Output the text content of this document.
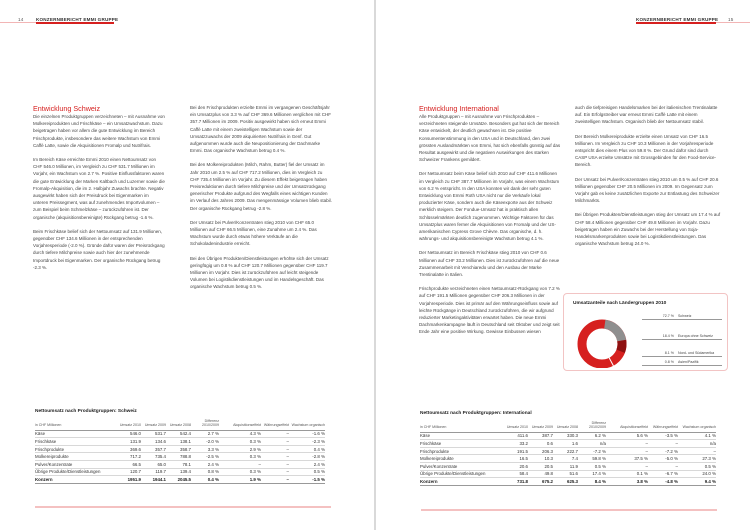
14	KONZERNBERICHT EMMI GRUPPE
Entwicklung Schweiz

Die einzelnen Produktgruppen verzeichneten – mit Ausnahme von Molkereiprodukten und Frischkäse – ein Umsatzwachstum. Dazu beigetragen haben vor allem die gute Entwicklung im Bereich Frischprodukte, insbesondere das weitere Wachstum von Emmi Caffè Latte, sowie die Akquisitionen Fromalp und Nutrifrais.

Im Bereich Käse erreichte Emmi 2010 einen Nettoumsatz von CHF 546.0 Millionen, im Vergleich zu CHF 531.7 Millionen im Vorjahr, ein Wachstum von 2.7 %. Positive Einflussfaktoren waren die gute Entwicklung der Marken Kaltbach und Luzerner sowie die Fromalp-Akquisition, die im 2. Halbjahr Zuwachs brachte. Negativ ausgewirkt haben sich der Preisdruck bei Eigenmarken im unteren Preissegment, was auf zunehmendes Importvolumen – zum Beispiel beim Schmelzkäse – zurückzuführen ist. Der organische (akquisitionsbereinigte) Rückgang betrug -1.6 %.

Beim Frischkäse belief sich der Nettoumsatz auf 131.9 Millionen, gegenüber CHF 134.6 Millionen in der entsprechenden Vorjahresperiode (-2.0 %). Gründe dafür waren der Preisrückgang durch tiefere Milchpreise sowie auch hier der zunehmende Importdruck bei Eigenmarken. Der organische Rückgang betrug -2.3 %.

Bei den Frischprodukten erzielte Emmi im vergangenen Geschäftsjahr ein Umsatzplus von 3.3 % auf CHF 369.6 Millionen verglichen mit CHF 357.7 Millionen im 2009. Positiv ausgewirkt haben sich erneut Emmi Caffè Latte mit einem zweistelligen Wachstum sowie der Umsatzzuwachs der 2009 akquirierten Nutrifrais in Genf. Gut aufgenommen wurde auch die Neupositionierung der Dachmarke Emmi. Das organische Wachstum betrug 0.4 %.

Bei den Molkereiprodukten (Milch, Rahm, Butter) fiel der Umsatz im Jahr 2010 um 2.5 % auf CHF 717.2 Millionen, dies im Vergleich zu CHF 735.4 Millionen im Vorjahr. Zu diesem Effekt beigetragen haben Preisreduktionen durch tiefere Milchpreise und der Umsatzrückgang generischer Produkte aufgrund des Wegfalls eines wichtigen Kunden im Verlauf des Jahres 2009. Das mengenmässige Volumen blieb stabil. Der organische Rückgang betrug -2.8 %.

Der Umsatz bei Pulver/Konzentraten stieg 2010 von CHF 65.0 Millionen auf CHF 66.5 Millionen, eine Zunahme um 2.4 %. Das Wachstum wurde durch etwas höhere Verkäufe an die Schokoladenindustrie erreicht.

Bei den Übrigen Produkten/Dienstleistungen erhöhte sich der Umsatz geringfügig um 0.8 % auf CHF 120.7 Millionen gegenüber CHF 119.7 Millionen im Vorjahr. Dies ist zurückzuführen auf leicht steigende Volumen bei Logistikdienstleistungen und im Handelsgeschäft. Das organische Wachstum betrug 0.5 %.

Nettoumsatz nach Produktgruppen: Schweiz
in CHF Millionen	Umsatz 2010	Umsatz 2009	Umsatz 2008	Differenz 2010/2009	Akquisitionseffekt	Währungseffekt	Wachstum organisch
Käse	546.0	531.7	542.4	2.7 %	4.3 %	–	-1.6 %
Frischkäse	131.9	134.6	138.1	-2.0 %	0.3 %	–	-2.3 %
Frischprodukte	369.6	357.7	358.7	3.3 %	2.9 %	–	0.4 %
Molkereiprodukte	717.2	735.4	788.8	-2.5 %	0.3 %	–	-2.8 %
Pulver/Konzentrate	66.5	65.0	78.1	2.4 %	–	–	2.4 %
Übrige Produkte/Dienstleistungen	120.7	119.7	139.4	0.8 %	0.3 %	–	0.5 %
Konzern	1951.9	1944.1	2045.5	0.4 %	1.9 %	–	-1.5 %
KONZERNBERICHT EMMI GRUPPE 15
Entwicklung International

Alle Produktgruppen – mit Ausnahme von Frischprodukten – verzeichneten steigende Umsätze. Besonders gut hat sich der Bereich Käse entwickelt, der deutlich gewachsen ist. Die positive Konsumentenstimmung in den USA und in Deutschland, den zwei grössten Auslandmärkten von Emmi, hat sich ebenfalls günstig auf das Resultat ausgewirkt und die negativen Auswirkungen des starken Schweizer Frankens gemildert.

Der Nettoumsatz beim Käse belief sich 2010 auf CHF 411.6 Millionen im Vergleich zu CHF 387.7 Millionen im Vorjahr, was einem Wachstum von 6.2 % entspricht. In den USA konnten wir dank der sehr guten Entwicklung von Emmi Roth USA nicht nur die Verkäufe lokal produzierter Käse, sondern auch die Käseexporte aus der Schweiz merklich steigern. Der Fondue-Umsatz hat in praktisch allen Schlüsselmärkten deutlich zugenommen. Wichtige Faktoren für das Umsatzplus waren ferner die Akquisitionen von Fromalp und der US-amerikanischen Cypress Grove Chèvre. Das organische, d. h. währungs- und akquisitionsbereinigte Wachstum betrug 4.1 %.

Der Nettoumsatz im Bereich Frischkäse stieg 2010 von CHF 0.6 Millionen auf CHF 33.2 Millionen. Dies ist zurückzuführen auf die neue Zusammenarbeit mit Venchiaredo und den Ausbau der Marke Trentinalatte in Italien.

Frischprodukte verzeichneten einen Nettoumsatz-Rückgang von 7.2 % auf CHF 191.5 Millionen gegenüber CHF 206.3 Millionen in der Vorjahresperiode. Dies ist primär auf den Währungseinfluss sowie auf leichte Rückgänge in Deutschland zurückzuführen, die wir aufgrund reduzierter Marketingaktivitäten erwartet haben. Die neue Emmi Dachmarkenkampagne läuft in Deutschland seit Oktober und zeigt seit Ende Jahr eine positive Wirkung. Gewisse Einbussen wiesen

auch die tiefpreisigen Handelsmarken bei der italienischen Trentinalatte auf. Ein Erfolgstreiber war erneut Emmi Caffè Latte mit einem zweistelligen Wachstum. Organisch blieb der Nettoumsatz stabil.

Der Bereich Molkereiprodukte erzielte einen Umsatz von CHF 16.5 Millionen. Im Vergleich zu CHF 10.3 Millionen in der Vorjahresperiode entspricht dies einem Plus von 59.8 %. Der Grund dafür sind durch CASP USA erzielte Umsätze mit Grossgebinden für den Food-Service-Bereich.

Der Umsatz bei Pulver/Konzentraten stieg 2010 um 0.5 % auf CHF 20.6 Millionen gegenüber CHF 20.5 Millionen im 2009. Im Gegensatz zum Vorjahr gab es keine zusätzlichen Exporte zur Entlastung des Schweizer Milchmarkts.

Bei Übrigen Produkten/Dienstleistungen stieg der Umsatz um 17.4 % auf CHF 58.4 Millionen gegenüber CHF 49.8 Millionen im Vorjahr. Dazu beigetragen haben ein Zuwachs bei der Herstellung von Soja-Handelsmarkenprodukten sowie bei Logistikdienstleistungen. Das organische Wachstum betrug 24.0 %.

Umsatzanteile nach Ländergruppen 2010
72.7 % Schweiz
18.4 % Europa ohne Schweiz
8.1 % Nord- und Südamerika
0.8 % Asien/Pazifik
Nettoumsatz nach Produktgruppen: International
in CHF Millionen	Umsatz 2010	Umsatz 2009	Umsatz 2008	Differenz 2010/2009	Akquisitionseffekt	Währungseffekt	Wachstum organisch
Käse	411.6	387.7	330.3	6.2 %	5.6 %	-3.5 %	4.1 %
Frischkäse	33.2	0.6	1.6	n/a	–	–	n/a
Frischprodukte	191.5	206.3	222.7	-7.2 %	–	-7.2 %	–
Molkereiprodukte	16.5	10.3	7.4	59.8 %	37.5 %	-5.0 %	27.3 %
Pulver/Konzentrate	20.6	20.5	11.9	0.5 %	–	–	0.5 %
Übrige Produkte/Dienstleistungen	58.4	49.8	51.6	17.4 %	0.1 %	-6.7 %	24.0 %
Konzern	731.8	675.2	625.3	8.4 %	3.8 %	-4.8 %	9.4 %
